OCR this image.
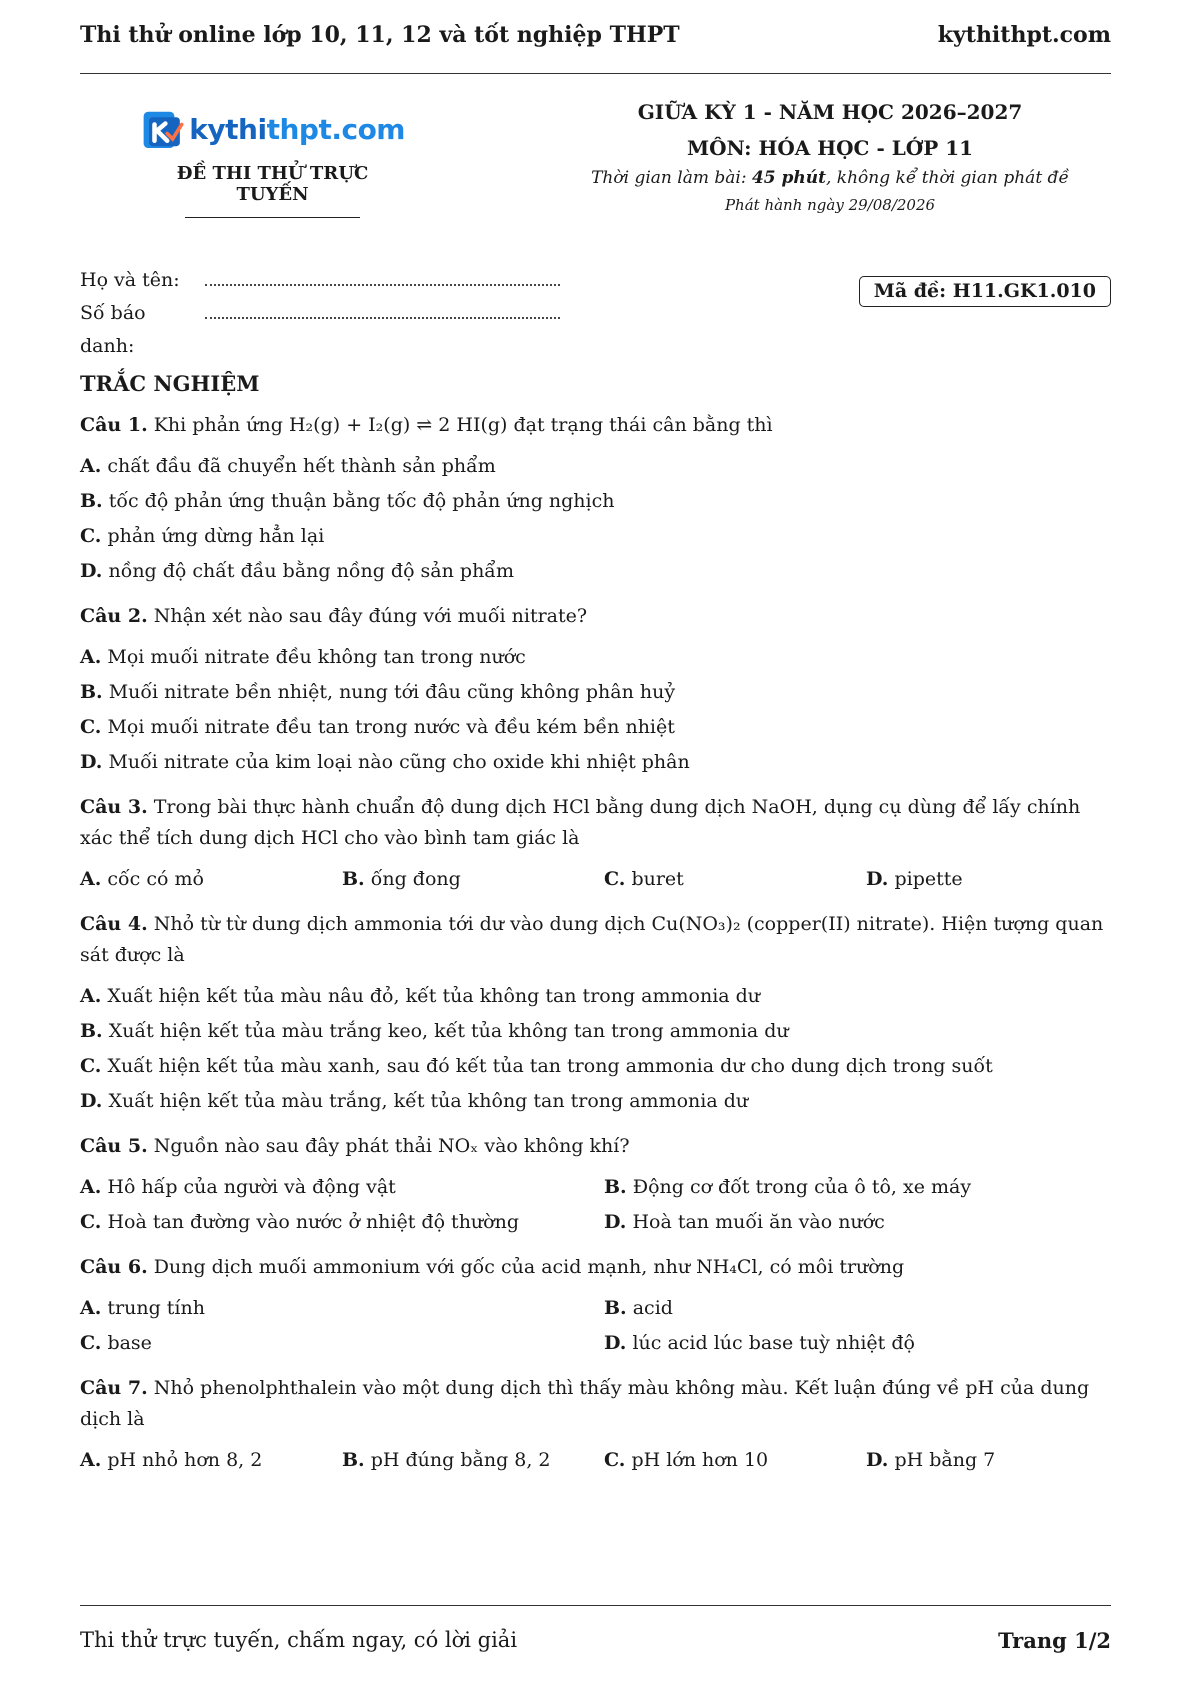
Thi thử online lớp 10, 11, 12 và tốt nghiệp THPT	kythithpt.com
kythithpt.com
ĐỀ THI THỬ TRỰC TUYẾN
GIỮA KỲ 1 - NĂM HỌC 2026–2027
MÔN: HÓA HỌC - LỚP 11
Thời gian làm bài: 45 phút, không kể thời gian phát đề
Phát hành ngày 29/08/2026
Họ và tên:
Số báo danh:
Mã đề: H11.GK1.010
TRẮC NGHIỆM
Câu 1. Khi phản ứng H₂(g) + I₂(g) ⇌ 2 HI(g) đạt trạng thái cân bằng thì
A. chất đầu đã chuyển hết thành sản phẩm
B. tốc độ phản ứng thuận bằng tốc độ phản ứng nghịch
C. phản ứng dừng hẳn lại
D. nồng độ chất đầu bằng nồng độ sản phẩm
Câu 2. Nhận xét nào sau đây đúng với muối nitrate?
A. Mọi muối nitrate đều không tan trong nước
B. Muối nitrate bền nhiệt, nung tới đâu cũng không phân huỷ
C. Mọi muối nitrate đều tan trong nước và đều kém bền nhiệt
D. Muối nitrate của kim loại nào cũng cho oxide khi nhiệt phân
Câu 3. Trong bài thực hành chuẩn độ dung dịch HCl bằng dung dịch NaOH, dụng cụ dùng để lấy chính xác thể tích dung dịch HCl cho vào bình tam giác là
A. cốc có mỏ	B. ống đong	C. buret	D. pipette
Câu 4. Nhỏ từ từ dung dịch ammonia tới dư vào dung dịch Cu(NO₃)₂ (copper(II) nitrate). Hiện tượng quan sát được là
A. Xuất hiện kết tủa màu nâu đỏ, kết tủa không tan trong ammonia dư
B. Xuất hiện kết tủa màu trắng keo, kết tủa không tan trong ammonia dư
C. Xuất hiện kết tủa màu xanh, sau đó kết tủa tan trong ammonia dư cho dung dịch trong suốt
D. Xuất hiện kết tủa màu trắng, kết tủa không tan trong ammonia dư
Câu 5. Nguồn nào sau đây phát thải NOₓ vào không khí?
A. Hô hấp của người và động vật	B. Động cơ đốt trong của ô tô, xe máy
C. Hoà tan đường vào nước ở nhiệt độ thường	D. Hoà tan muối ăn vào nước
Câu 6. Dung dịch muối ammonium với gốc của acid mạnh, như NH₄Cl, có môi trường
A. trung tính	B. acid
C. base	D. lúc acid lúc base tuỳ nhiệt độ
Câu 7. Nhỏ phenolphthalein vào một dung dịch thì thấy màu không màu. Kết luận đúng về pH của dung dịch là
A. pH nhỏ hơn 8, 2	B. pH đúng bằng 8, 2	C. pH lớn hơn 10	D. pH bằng 7
Thi thử trực tuyến, chấm ngay, có lời giải	Trang 1/2
